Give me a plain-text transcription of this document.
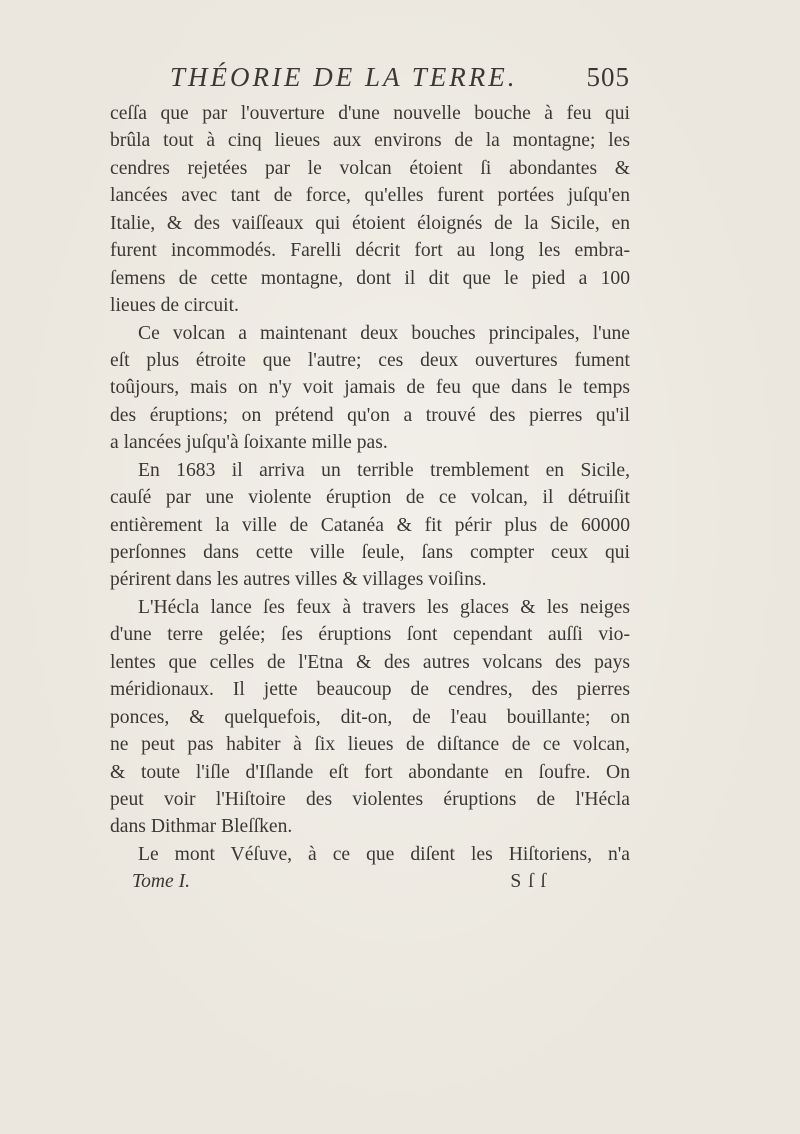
THÉORIE DE LA TERRE.	505
ceſſa que par l'ouverture d'une nouvelle bouche à feu qui
brûla tout à cinq lieues aux environs de la montagne; les
cendres rejetées par le volcan étoient ſi abondantes &
lancées avec tant de force, qu'elles furent portées juſqu'en
Italie, & des vaiſſeaux qui étoient éloignés de la Sicile, en
furent incommodés. Farelli décrit fort au long les embra-
ſemens de cette montagne, dont il dit que le pied a 100
lieues de circuit.
Ce volcan a maintenant deux bouches principales, l'une
eſt plus étroite que l'autre; ces deux ouvertures fument
toûjours, mais on n'y voit jamais de feu que dans le temps
des éruptions; on prétend qu'on a trouvé des pierres qu'il
a lancées juſqu'à ſoixante mille pas.
En 1683 il arriva un terrible tremblement en Sicile,
cauſé par une violente éruption de ce volcan, il détruiſit
entièrement la ville de Catanéa & fit périr plus de 60000
perſonnes dans cette ville ſeule, ſans compter ceux qui
périrent dans les autres villes & villages voiſins.
L'Hécla lance ſes feux à travers les glaces & les neiges
d'une terre gelée; ſes éruptions ſont cependant auſſi vio-
lentes que celles de l'Etna & des autres volcans des pays
méridionaux. Il jette beaucoup de cendres, des pierres
ponces, & quelquefois, dit-on, de l'eau bouillante; on
ne peut pas habiter à ſix lieues de diſtance de ce volcan,
& toute l'iſle d'Iſlande eſt fort abondante en ſoufre. On
peut voir l'Hiſtoire des violentes éruptions de l'Hécla
dans Dithmar Bleſſken.
Le mont Véſuve, à ce que diſent les Hiſtoriens, n'a
Tome I.	S ſ ſ
